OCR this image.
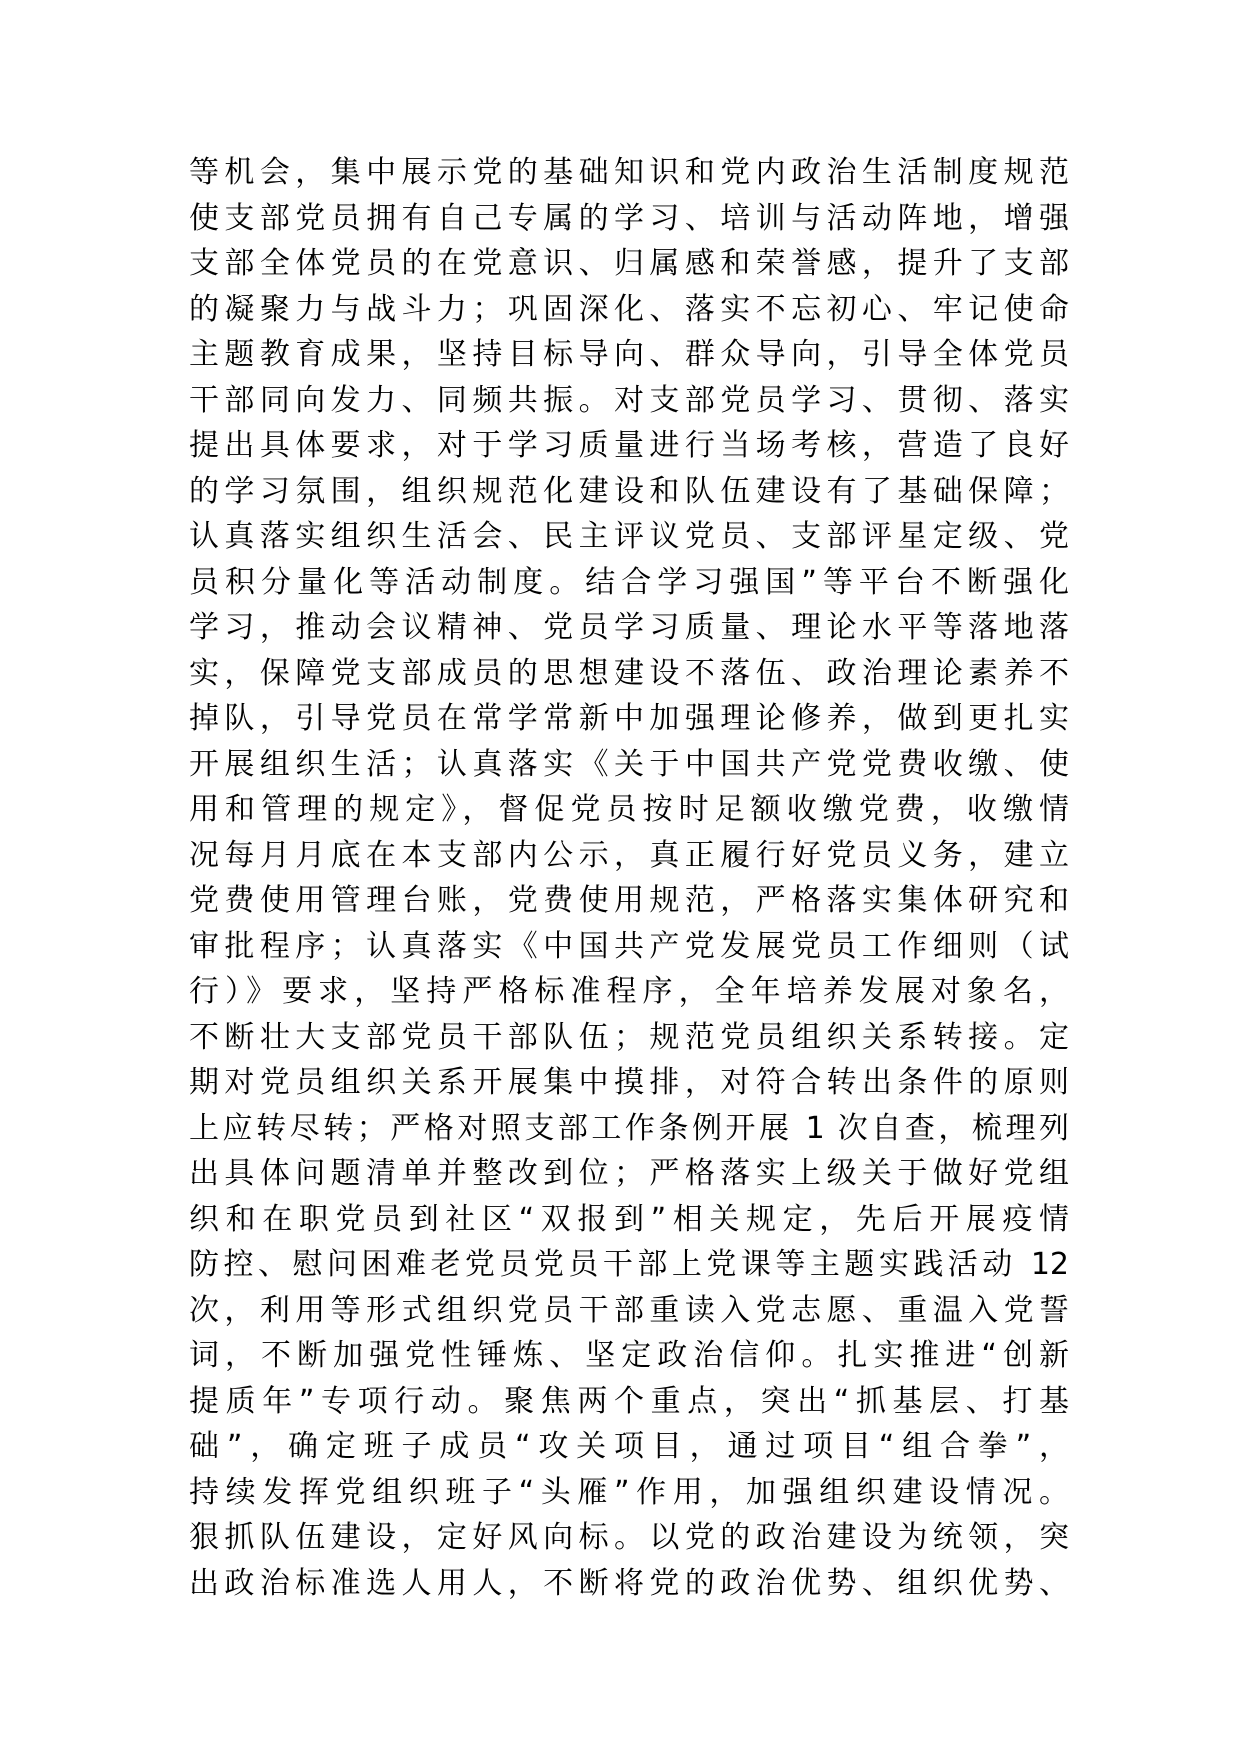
等机会，集中展示党的基础知识和党内政治生活制度规范
使支部党员拥有自己专属的学习、培训与活动阵地，增强
支部全体党员的在党意识、归属感和荣誉感，提升了支部
的凝聚力与战斗力；巩固深化、落实不忘初心、牢记使命
主题教育成果，坚持目标导向、群众导向，引导全体党员
干部同向发力、同频共振。对支部党员学习、贯彻、落实
提出具体要求，对于学习质量进行当场考核，营造了良好
的学习氛围，组织规范化建设和队伍建设有了基础保障；
认真落实组织生活会、民主评议党员、支部评星定级、党
员积分量化等活动制度。结合学习强国”等平台不断强化
学习，推动会议精神、党员学习质量、理论水平等落地落
实，保障党支部成员的思想建设不落伍、政治理论素养不
掉队，引导党员在常学常新中加强理论修养，做到更扎实
开展组织生活；认真落实《关于中国共产党党费收缴、使
用和管理的规定》，督促党员按时足额收缴党费，收缴情
况每月月底在本支部内公示，真正履行好党员义务，建立
党费使用管理台账，党费使用规范，严格落实集体研究和
审批程序；认真落实《中国共产党发展党员工作细则（试
行）》要求，坚持严格标准程序，全年培养发展对象名，
不断壮大支部党员干部队伍；规范党员组织关系转接。定
期对党员组织关系开展集中摸排，对符合转出条件的原则
上应转尽转；严格对照支部工作条例开展 1 次自查，梳理列
出具体问题清单并整改到位；严格落实上级关于做好党组
织和在职党员到社区“双报到”相关规定，先后开展疫情
防控、慰问困难老党员党员干部上党课等主题实践活动 12
次，利用等形式组织党员干部重读入党志愿、重温入党誓
词，不断加强党性锤炼、坚定政治信仰。扎实推进“创新
提质年”专项行动。聚焦两个重点，突出“抓基层、打基
础”，确定班子成员“攻关项目，通过项目“组合拳”，
持续发挥党组织班子“头雁”作用，加强组织建设情况。
狠抓队伍建设，定好风向标。以党的政治建设为统领，突
出政治标准选人用人，不断将党的政治优势、组织优势、
